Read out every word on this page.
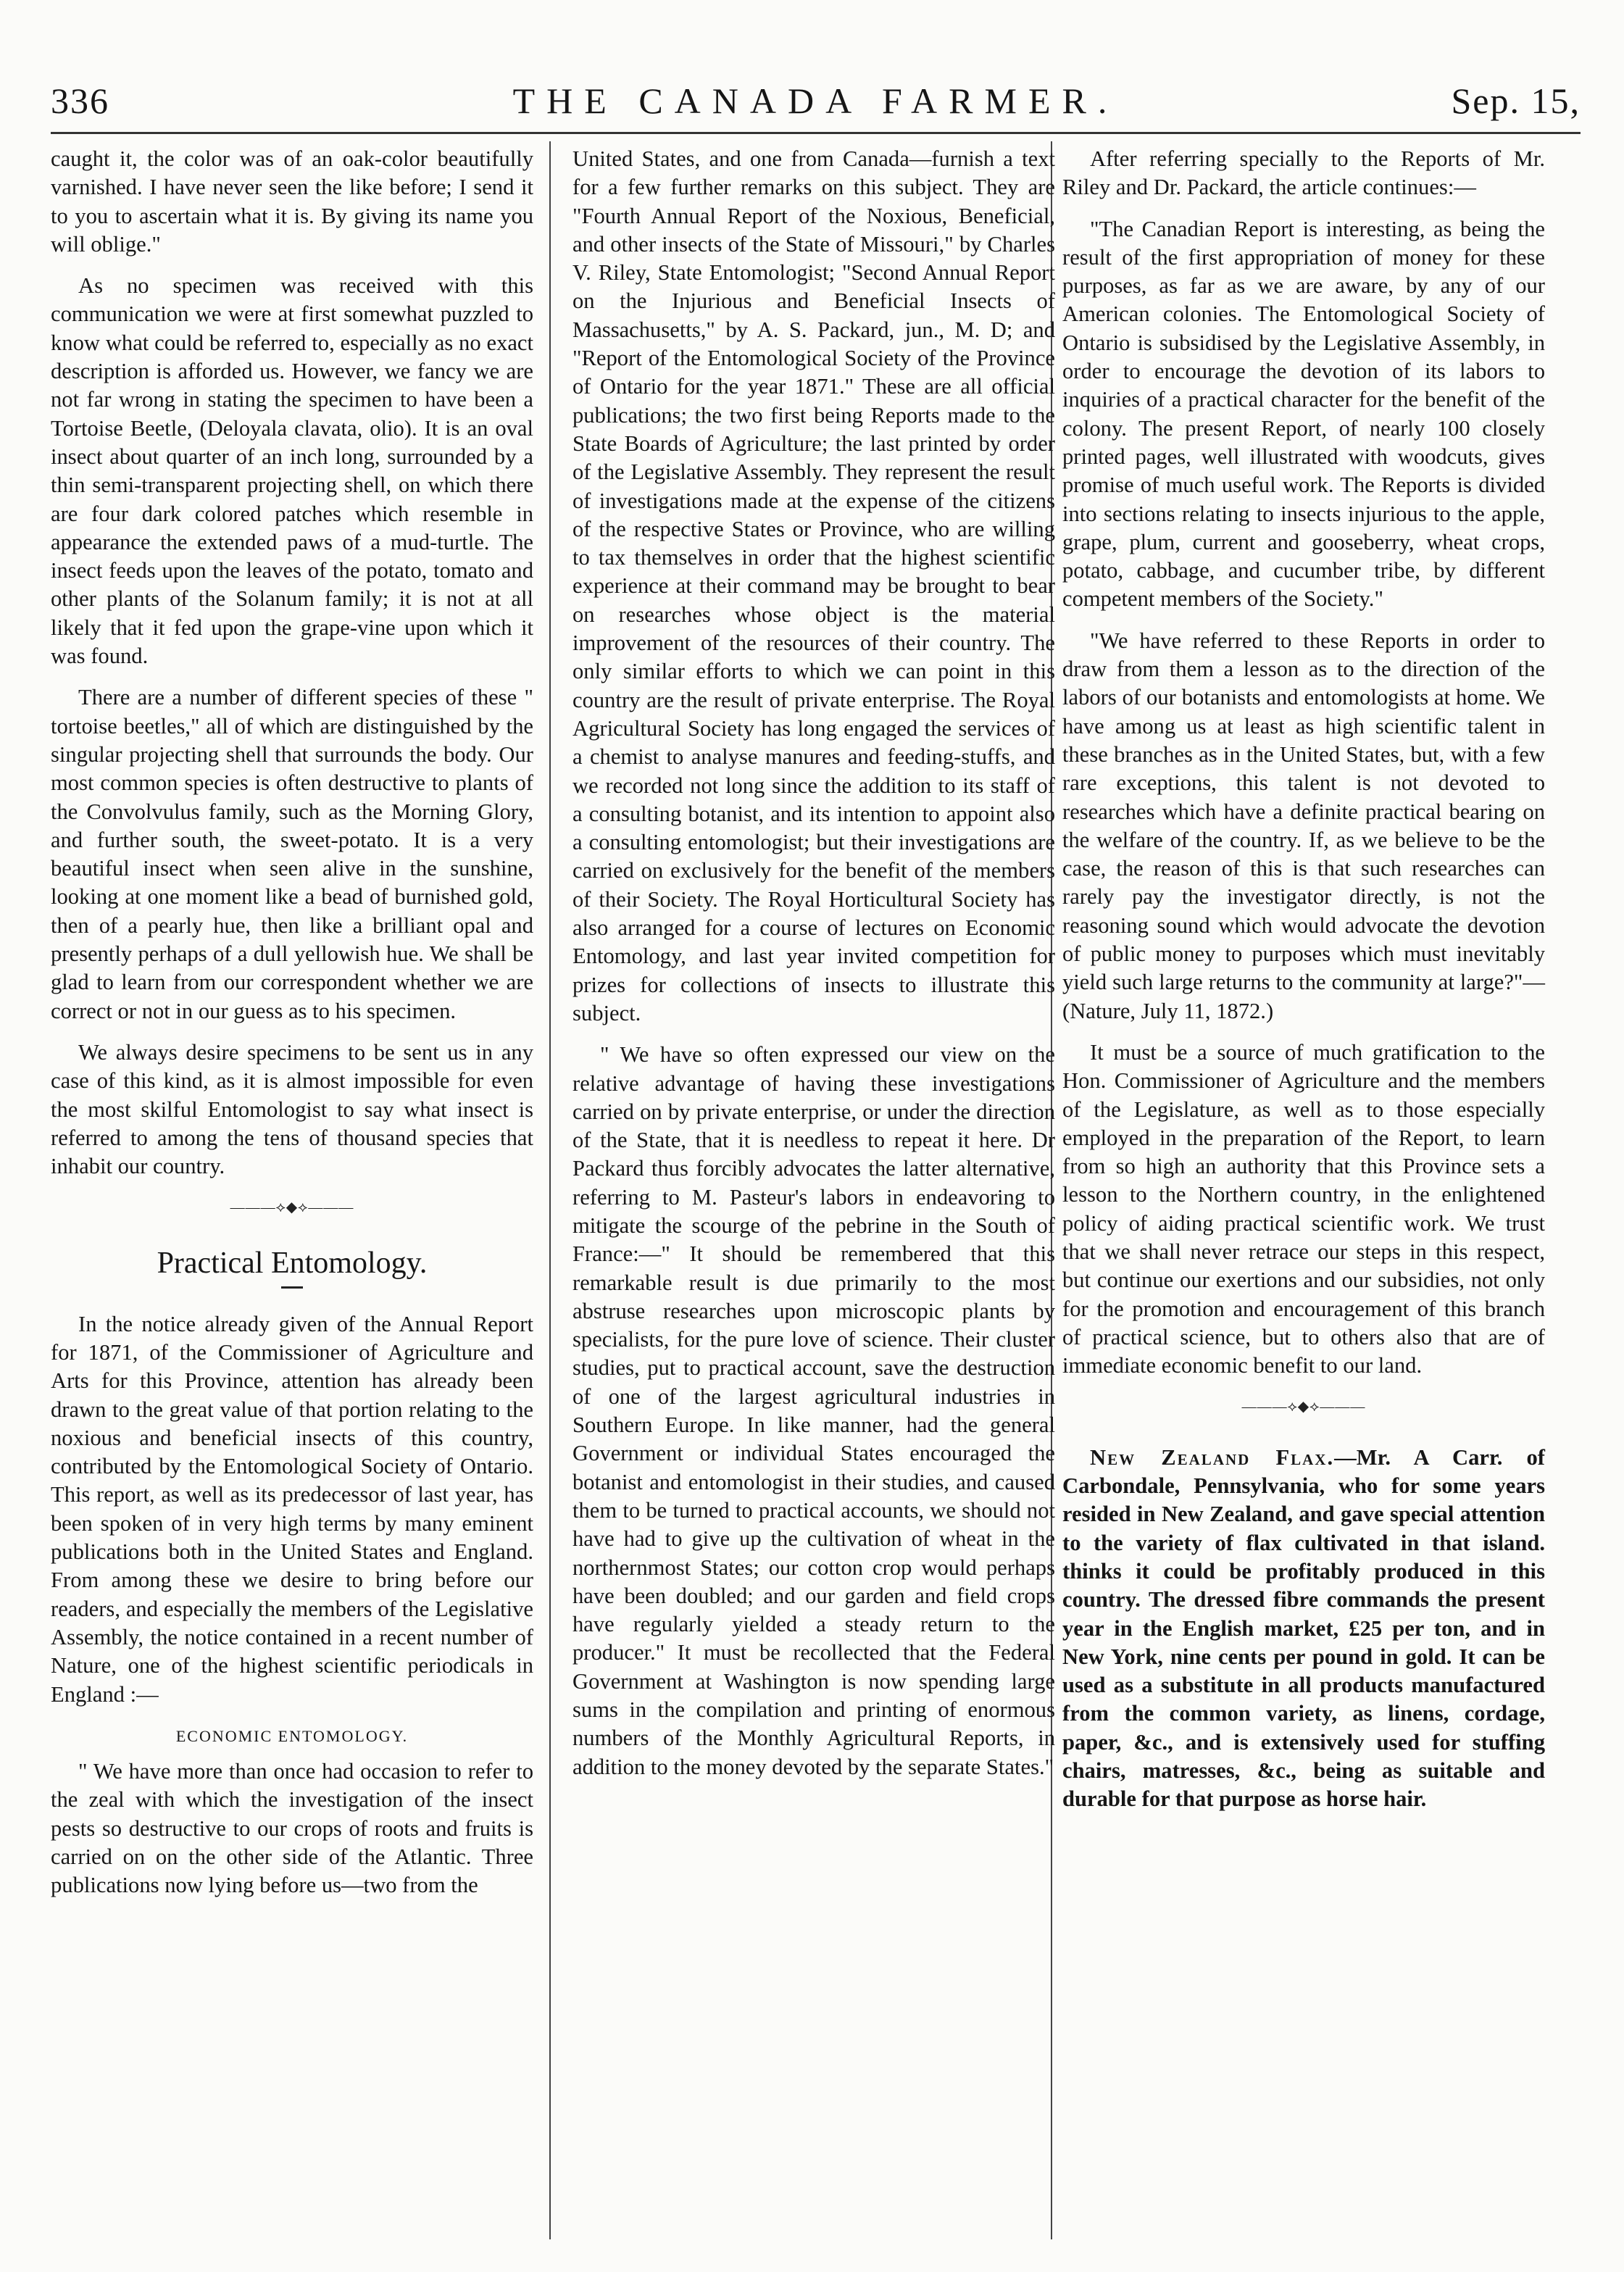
336	THE CANADA FARMER.	Sep. 15,

caught it, the color was of an oak-color beautifully varnished. I have never seen the like before; I send it to you to ascertain what it is. By giving its name you will oblige."

As no specimen was received with this communication we were at first somewhat puzzled to know what could be referred to, especially as no exact description is afforded us. However, we fancy we are not far wrong in stating the specimen to have been a Tortoise Beetle, (Deloyala clavata, olio). It is an oval insect about quarter of an inch long, surrounded by a thin semi-transparent projecting shell, on which there are four dark colored patches which resemble in appearance the extended paws of a mud-turtle. The insect feeds upon the leaves of the potato, tomato and other plants of the Solanum family; it is not at all likely that it fed upon the grape-vine upon which it was found.

There are a number of different species of these " tortoise beetles," all of which are distinguished by the singular projecting shell that surrounds the body. Our most common species is often destructive to plants of the Convolvulus family, such as the Morning Glory, and further south, the sweet-potato. It is a very beautiful insect when seen alive in the sunshine, looking at one moment like a bead of burnished gold, then of a pearly hue, then like a brilliant opal and presently perhaps of a dull yellowish hue. We shall be glad to learn from our correspondent whether we are correct or not in our guess as to his specimen.

We always desire specimens to be sent us in any case of this kind, as it is almost impossible for even the most skilful Entomologist to say what insect is referred to among the tens of thousand species that inhabit our country.

———⟡◆⟡———
Practical Entomology.

In the notice already given of the Annual Report for 1871, of the Commissioner of Agriculture and Arts for this Province, attention has already been drawn to the great value of that portion relating to the noxious and beneficial insects of this country, contributed by the Entomological Society of Ontario. This report, as well as its predecessor of last year, has been spoken of in very high terms by many eminent publications both in the United States and England. From among these we desire to bring before our readers, and especially the members of the Legislative Assembly, the notice contained in a recent number of Nature, one of the highest scientific periodicals in England :—

ECONOMIC ENTOMOLOGY.

" We have more than once had occasion to refer to the zeal with which the investigation of the insect pests so destructive to our crops of roots and fruits is carried on on the other side of the Atlantic. Three publications now lying before us—two from the

United States, and one from Canada—furnish a text for a few further remarks on this subject. They are "Fourth Annual Report of the Noxious, Beneficial, and other insects of the State of Missouri," by Charles V. Riley, State Entomologist; "Second Annual Report on the Injurious and Beneficial Insects of Massachusetts," by A. S. Packard, jun., M. D; and "Report of the Entomological Society of the Province of Ontario for the year 1871." These are all official publications; the two first being Reports made to the State Boards of Agriculture; the last printed by order of the Legislative Assembly. They represent the result of investigations made at the expense of the citizens of the respective States or Province, who are willing to tax themselves in order that the highest scientific experience at their command may be brought to bear on researches whose object is the material improvement of the resources of their country. The only similar efforts to which we can point in this country are the result of private enterprise. The Royal Agricultural Society has long engaged the services of a chemist to analyse manures and feeding-stuffs, and we recorded not long since the addition to its staff of a consulting botanist, and its intention to appoint also a consulting entomologist; but their investigations are carried on exclusively for the benefit of the members of their Society. The Royal Horticultural Society has also arranged for a course of lectures on Economic Entomology, and last year invited competition for prizes for collections of insects to illustrate this subject.

" We have so often expressed our view on the relative advantage of having these investigations carried on by private enterprise, or under the direction of the State, that it is needless to repeat it here. Dr Packard thus forcibly advocates the latter alternative, referring to M. Pasteur's labors in endeavoring to mitigate the scourge of the pebrine in the South of France:—" It should be remembered that this remarkable result is due primarily to the most abstruse researches upon microscopic plants by specialists, for the pure love of science. Their cluster studies, put to practical account, save the destruction of one of the largest agricultural industries in Southern Europe. In like manner, had the general Government or individual States encouraged the botanist and entomologist in their studies, and caused them to be turned to practical accounts, we should not have had to give up the cultivation of wheat in the northernmost States; our cotton crop would perhaps have been doubled; and our garden and field crops have regularly yielded a steady return to the producer." It must be recollected that the Federal Government at Washington is now spending large sums in the compilation and printing of enormous numbers of the Monthly Agricultural Reports, in addition to the money devoted by the separate States."

After referring specially to the Reports of Mr. Riley and Dr. Packard, the article continues:—

"The Canadian Report is interesting, as being the result of the first appropriation of money for these purposes, as far as we are aware, by any of our American colonies. The Entomological Society of Ontario is subsidised by the Legislative Assembly, in order to encourage the devotion of its labors to inquiries of a practical character for the benefit of the colony. The present Report, of nearly 100 closely printed pages, well illustrated with woodcuts, gives promise of much useful work. The Reports is divided into sections relating to insects injurious to the apple, grape, plum, current and gooseberry, wheat crops, potato, cabbage, and cucumber tribe, by different competent members of the Society."

"We have referred to these Reports in order to draw from them a lesson as to the direction of the labors of our botanists and entomologists at home. We have among us at least as high scientific talent in these branches as in the United States, but, with a few rare exceptions, this talent is not devoted to researches which have a definite practical bearing on the welfare of the country. If, as we believe to be the case, the reason of this is that such researches can rarely pay the investigator directly, is not the reasoning sound which would advocate the devotion of public money to purposes which must inevitably yield such large returns to the community at large?"—(Nature, July 11, 1872.)

It must be a source of much gratification to the Hon. Commissioner of Agriculture and the members of the Legislature, as well as to those especially employed in the preparation of the Report, to learn from so high an authority that this Province sets a lesson to the Northern country, in the enlightened policy of aiding practical scientific work. We trust that we shall never retrace our steps in this respect, but continue our exertions and our subsidies, not only for the promotion and encouragement of this branch of practical science, but to others also that are of immediate economic benefit to our land.

———⟡◆⟡———

New Zealand Flax.—Mr. A Carr. of Carbondale, Pennsylvania, who for some years resided in New Zealand, and gave special attention to the variety of flax cultivated in that island. thinks it could be profitably produced in this country. The dressed fibre commands the present year in the English market, £25 per ton, and in New York, nine cents per pound in gold. It can be used as a substitute in all products manufactured from the common variety, as linens, cordage, paper, &c., and is extensively used for stuffing chairs, matresses, &c., being as suitable and durable for that purpose as horse hair.
